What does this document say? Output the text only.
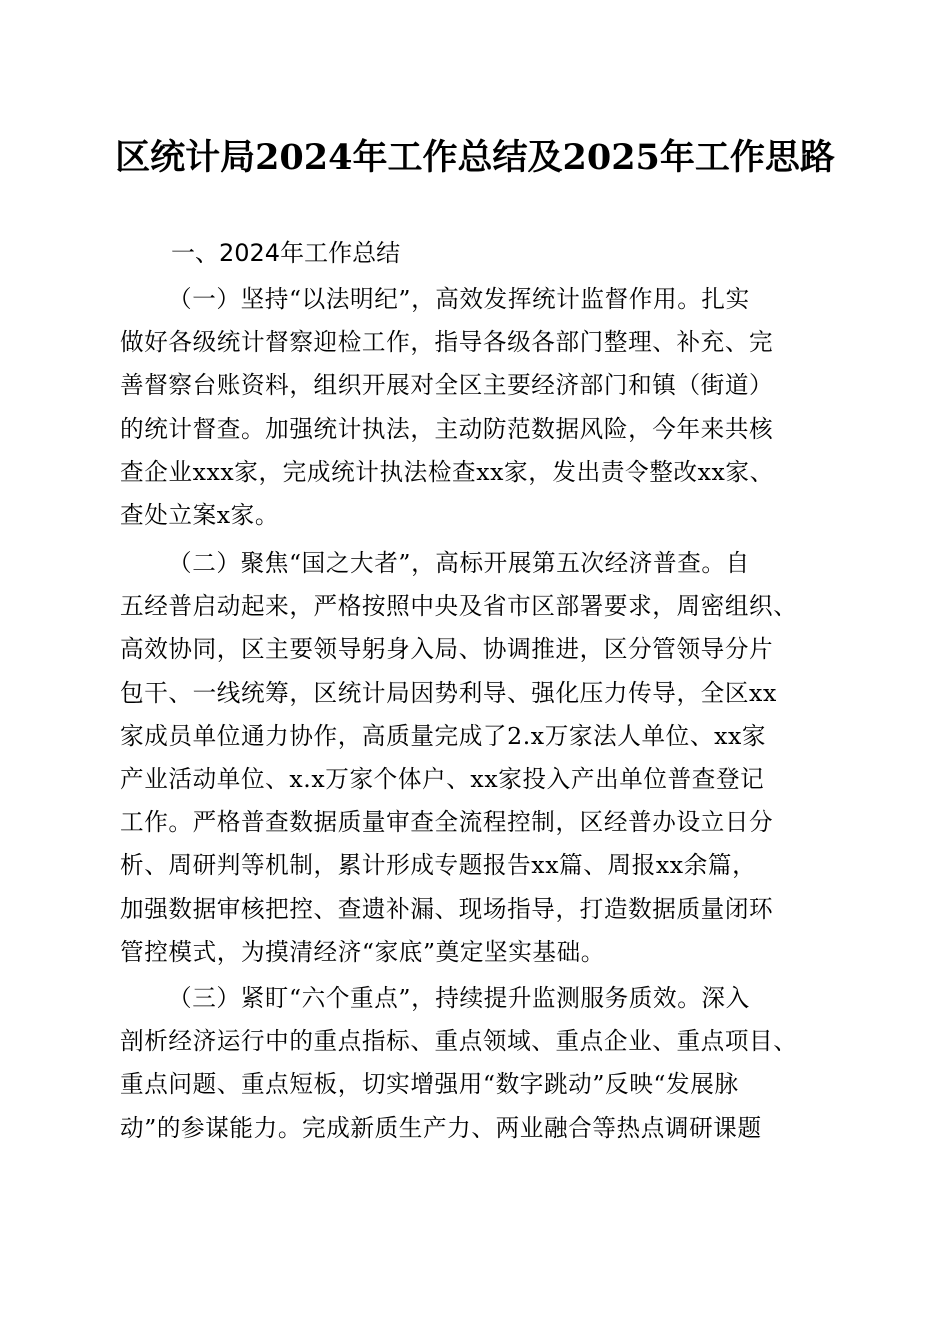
区统计局2024年工作总结及2025年工作思路
一、2024年工作总结
（一）坚持“以法明纪”，高效发挥统计监督作用。扎实
做好各级统计督察迎检工作，指导各级各部门整理、补充、完
善督察台账资料，组织开展对全区主要经济部门和镇（街道）
的统计督查。加强统计执法，主动防范数据风险，今年来共核
查企业xxx家，完成统计执法检查xx家，发出责令整改xx家、
查处立案x家。
（二）聚焦“国之大者”，高标开展第五次经济普查。自
五经普启动起来，严格按照中央及省市区部署要求，周密组织、
高效协同，区主要领导躬身入局、协调推进，区分管领导分片
包干、一线统筹，区统计局因势利导、强化压力传导，全区xx
家成员单位通力协作，高质量完成了2.x万家法人单位、xx家
产业活动单位、x.x万家个体户、xx家投入产出单位普查登记
工作。严格普查数据质量审查全流程控制，区经普办设立日分
析、周研判等机制，累计形成专题报告xx篇、周报xx余篇，
加强数据审核把控、查遗补漏、现场指导，打造数据质量闭环
管控模式，为摸清经济“家底”奠定坚实基础。
（三）紧盯“六个重点”，持续提升监测服务质效。深入
剖析经济运行中的重点指标、重点领域、重点企业、重点项目、
重点问题、重点短板，切实增强用“数字跳动”反映“发展脉
动”的参谋能力。完成新质生产力、两业融合等热点调研课题
